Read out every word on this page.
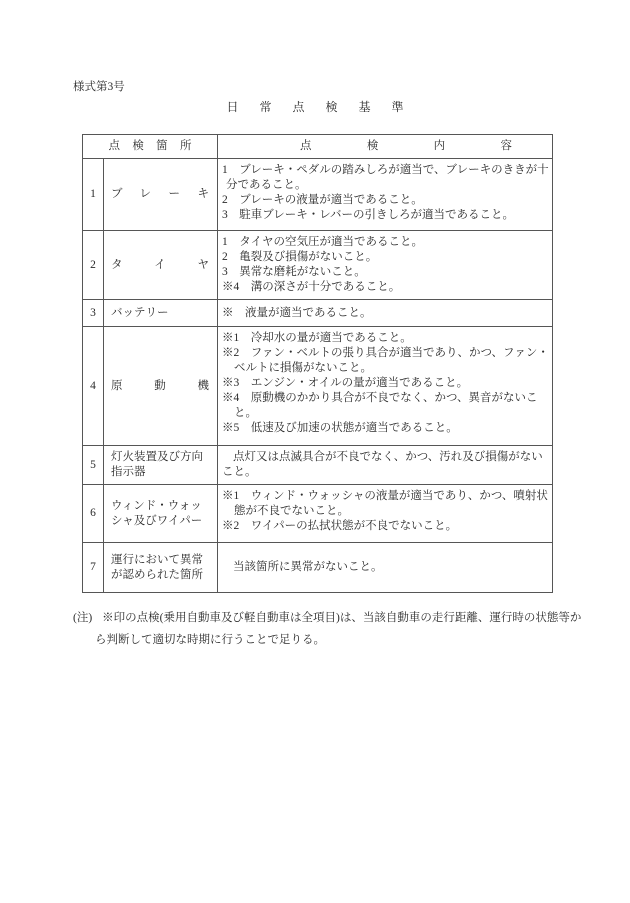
様式第3号
日常点検基準
点検箇所		点検内容

1	ブレーキ	1　ブレーキ・ペダルの踏みしろが適当で、ブレーキのききが十分であること。
2　ブレーキの液量が適当であること。
3　駐車ブレーキ・レバーの引きしろが適当であること。

2	タイヤ	1　タイヤの空気圧が適当であること。
2　亀裂及び損傷がないこと。
3　異常な磨耗がないこと。
※4　溝の深さが十分であること。

3	バッテリー	※　液量が適当であること。

4	原動機	※1　冷却水の量が適当であること。
※2　ファン・ベルトの張り具合が適当であり、かつ、ファン・ベルトに損傷がないこと。
※3　エンジン・オイルの量が適当であること。
※4　原動機のかかり具合が不良でなく、かつ、異音がないこと。
※5　低速及び加速の状態が適当であること。

5	灯火装置及び方向指示器	点灯又は点滅具合が不良でなく、かつ、汚れ及び損傷がないこと。

6	ウィンド・ウォッシャ及びワイパー	※1　ウィンド・ウォッシャの液量が適当であり、かつ、噴射状態が不良でないこと。
※2　ワイパーの払拭状態が不良でないこと。

7	運行において異常が認められた箇所	当該箇所に異常がないこと。
(注) ※印の点検(乗用自動車及び軽自動車は全項目)は、当該自動車の走行距離、運行時の状態等から判断して適切な時期に行うことで足りる。
